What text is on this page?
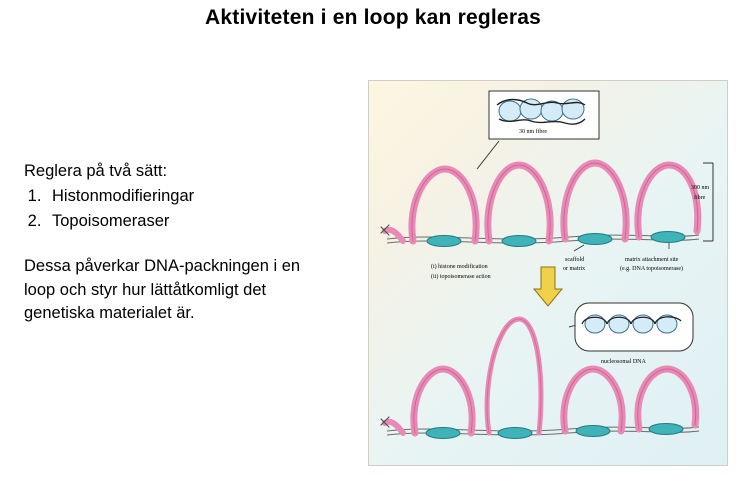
Aktiviteten i en loop kan regleras

Reglera på två sätt:

1. Histonmodifieringar
2. Topoisomeraser

Dessa påverkar DNA-packningen i en loop och styr hur lättåtkomligt det genetiska materialet är.

30 nm fibre
300 nm
fibre
scaffold
or matrix
matrix attachment site
(e.g. DNA topoisomerase)
(i) histone modification
(ii) topoisomerase action
nucleosomal DNA
